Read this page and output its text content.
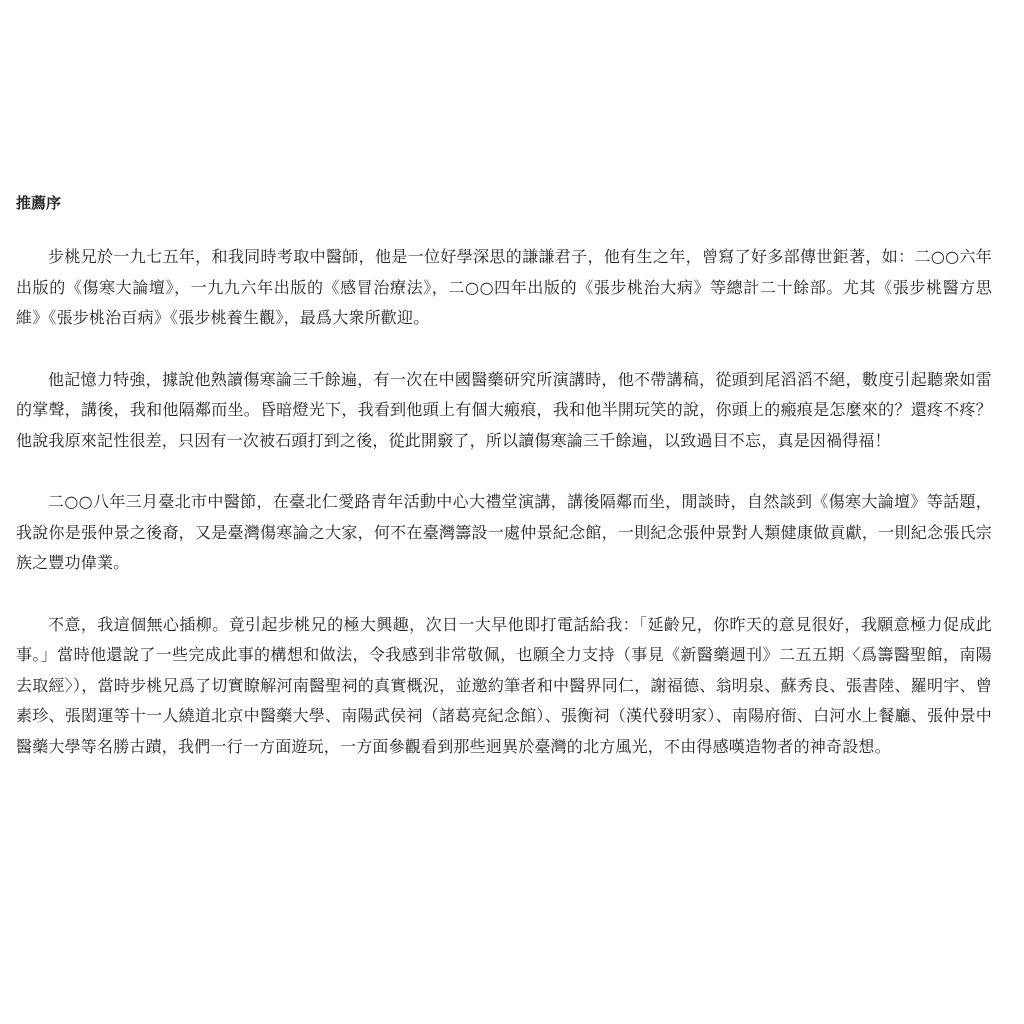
推薦序

步桃兄於一九七五年，和我同時考取中醫師，他是一位好學深思的謙謙君子，他有生之年，曾寫了好多部傳世鉅著，如：二○○六年出版的《傷寒大論壇》，一九九六年出版的《感冒治療法》，二○○四年出版的《張步桃治大病》等總計二十餘部。尤其《張步桃醫方思維》《張步桃治百病》《張步桃養生觀》，最爲大衆所歡迎。

他記憶力特強，據說他熟讀傷寒論三千餘遍，有一次在中國醫藥研究所演講時，他不帶講稿，從頭到尾滔滔不絕，數度引起聽衆如雷的掌聲，講後，我和他隔鄰而坐。昏暗燈光下，我看到他頭上有個大瘢痕，我和他半開玩笑的說，你頭上的瘢痕是怎麼來的？還疼不疼？他說我原來記性很差，只因有一次被石頭打到之後，從此開竅了，所以讀傷寒論三千餘遍，以致過目不忘，真是因禍得福！

二○○八年三月臺北市中醫節，在臺北仁愛路青年活動中心大禮堂演講，講後隔鄰而坐，閒談時，自然談到《傷寒大論壇》等話題，我說你是張仲景之後裔，又是臺灣傷寒論之大家，何不在臺灣籌設一處仲景紀念館，一則紀念張仲景對人類健康做貢獻，一則紀念張氏宗族之豐功偉業。

不意，我這個無心插柳。竟引起步桃兄的極大興趣，次日一大早他即打電話給我：「延齡兄，你昨天的意見很好，我願意極力促成此事。」當時他還說了一些完成此事的構想和做法，令我感到非常敬佩，也願全力支持（事見《新醫藥週刊》二五五期〈爲籌醫聖館，南陽去取經〉），當時步桃兄爲了切實瞭解河南醫聖祠的真實概況，並邀約筆者和中醫界同仁，謝福德、翁明泉、蘇秀良、張書陸、羅明宇、曾素珍、張閎運等十一人繞道北京中醫藥大學、南陽武侯祠（諸葛亮紀念館）、張衡祠（漢代發明家）、南陽府衙、白河水上餐廳、張仲景中醫藥大學等名勝古蹟，我們一行一方面遊玩，一方面參觀看到那些迥異於臺灣的北方風光，不由得感嘆造物者的神奇設想。
